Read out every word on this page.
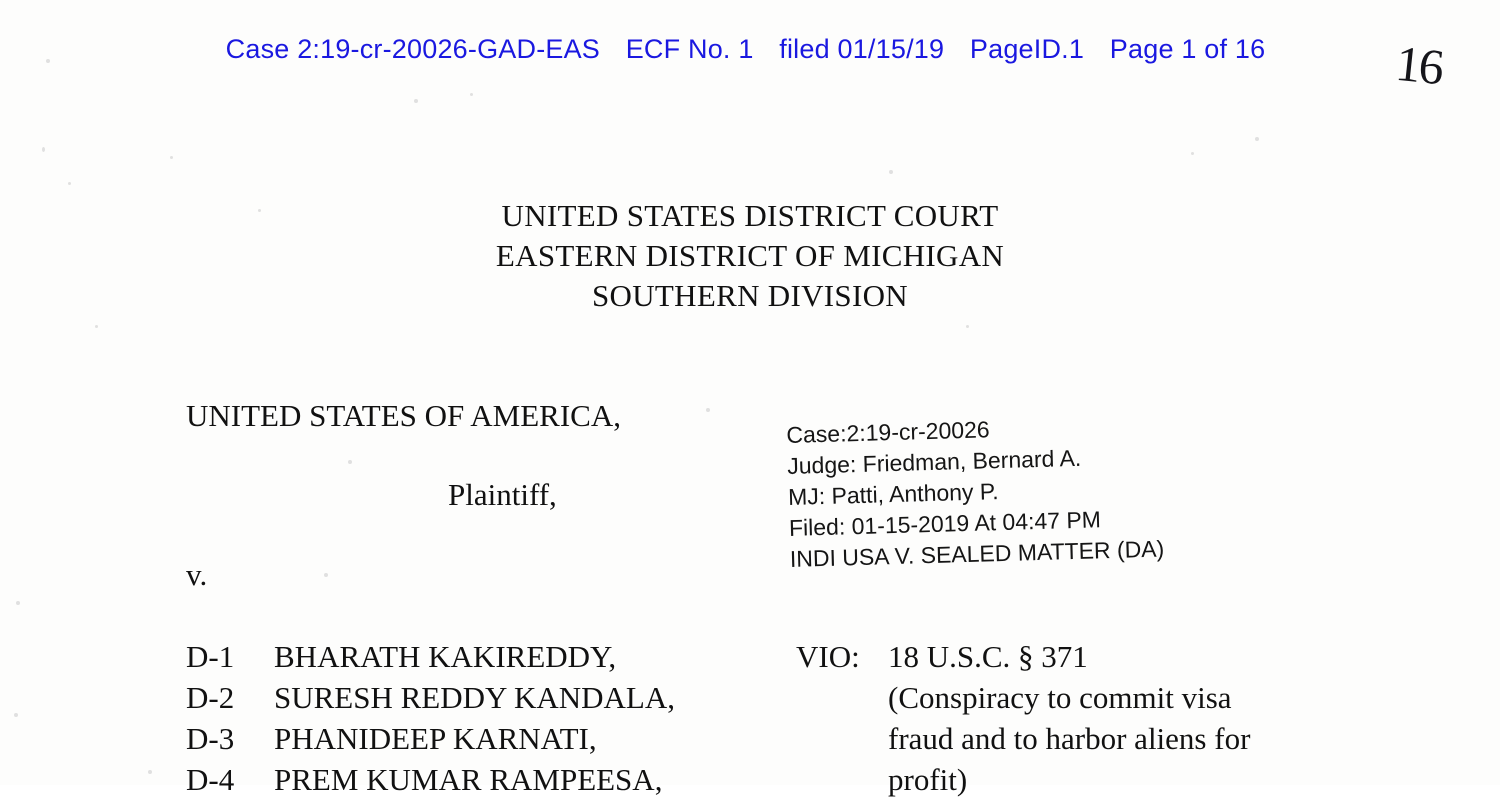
Case 2:19-cr-20026-GAD-EAS ECF No. 1 filed 01/15/19 PageID.1 Page 1 of 16	16
UNITED STATES DISTRICT COURT
EASTERN DISTRICT OF MICHIGAN
SOUTHERN DIVISION
UNITED STATES OF AMERICA,
Plaintiff,
v.
Case:2:19-cr-20026
Judge: Friedman, Bernard A.
MJ: Patti, Anthony P.
Filed: 01-15-2019 At 04:47 PM
INDI USA V. SEALED MATTER (DA)
D-1	BHARATH KAKIREDDY,
D-2	SURESH REDDY KANDALA,
D-3	PHANIDEEP KARNATI,
D-4	PREM KUMAR RAMPEESA,
VIO: 18 U.S.C. § 371
(Conspiracy to commit visa
fraud and to harbor aliens for
profit)
